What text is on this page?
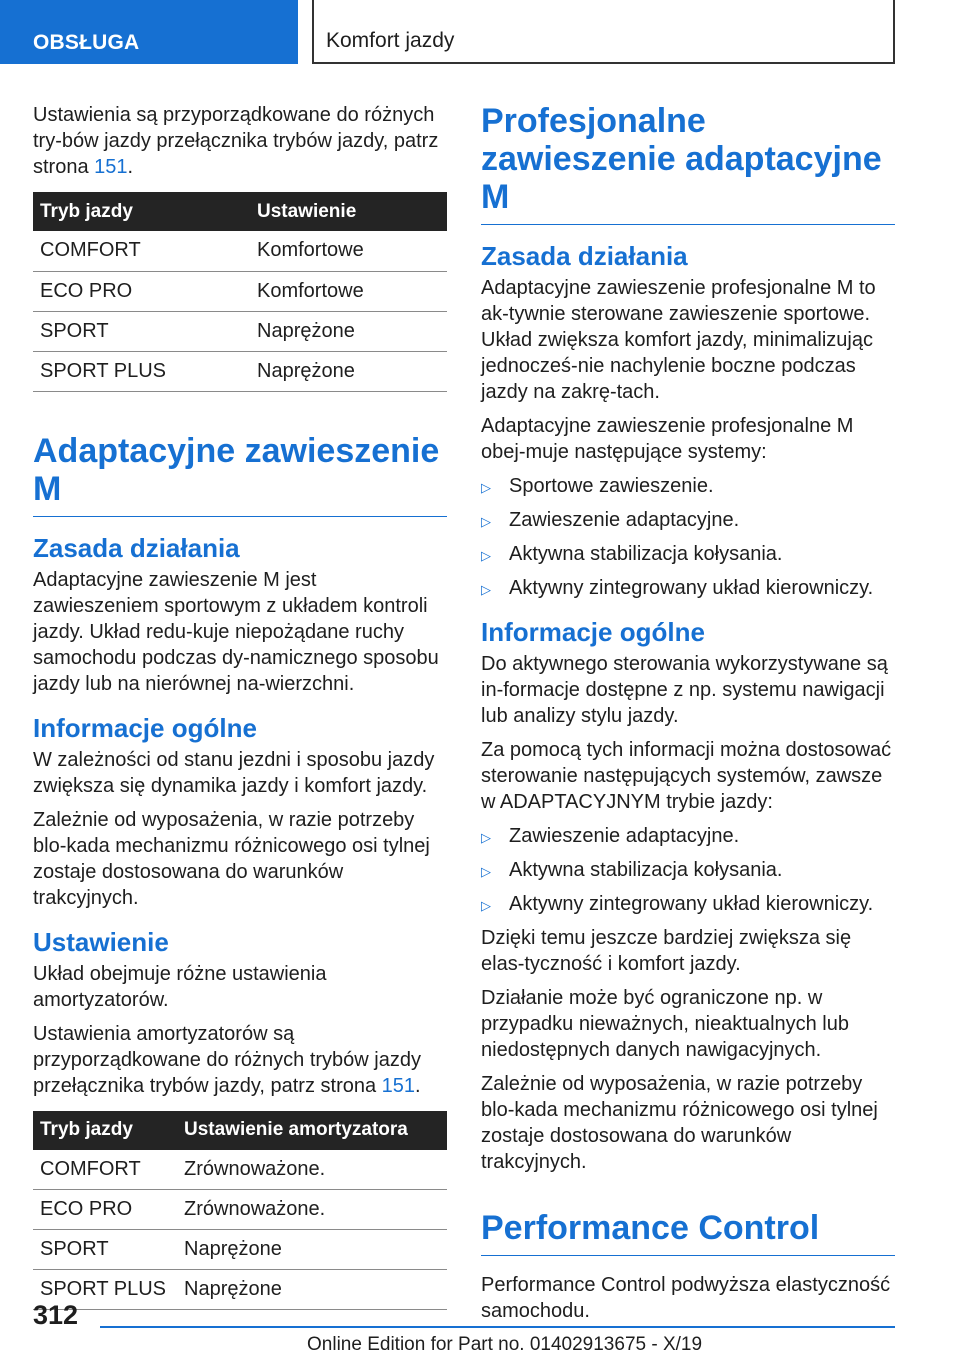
OBSŁUGA	Komfort jazdy

Ustawienia są przyporządkowane do różnych try-bów jazdy przełącznika trybów jazdy, patrz strona 151.

Tryb jazdy	Ustawienie
COMFORT	Komfortowe
ECO PRO	Komfortowe
SPORT	Naprężone
SPORT PLUS	Naprężone
Adaptacyjne zawieszenie M
Zasada działania

Adaptacyjne zawieszenie M jest zawieszeniem sportowym z układem kontroli jazdy. Układ redu-kuje niepożądane ruchy samochodu podczas dy-namicznego sposobu jazdy lub na nierównej na-wierzchni.

Informacje ogólne

W zależności od stanu jezdni i sposobu jazdy zwiększa się dynamika jazdy i komfort jazdy.

Zależnie od wyposażenia, w razie potrzeby blo-kada mechanizmu różnicowego osi tylnej zostaje dostosowana do warunków trakcyjnych.

Ustawienie

Układ obejmuje różne ustawienia amortyzatorów.

Ustawienia amortyzatorów są przyporządkowane do różnych trybów jazdy przełącznika trybów jazdy, patrz strona 151.

Tryb jazdy	Ustawienie amortyzatora
COMFORT	Zrównoważone.
ECO PRO	Zrównoważone.
SPORT	Naprężone
SPORT PLUS	Naprężone
Profesjonalne zawieszenie adaptacyjne M
Zasada działania

Adaptacyjne zawieszenie profesjonalne M to ak-tywnie sterowane zawieszenie sportowe. Układ zwiększa komfort jazdy, minimalizując jednocześ-nie nachylenie boczne podczas jazdy na zakrę-tach.

Adaptacyjne zawieszenie profesjonalne M obej-muje następujące systemy:

▷ Sportowe zawieszenie.
▷ Zawieszenie adaptacyjne.
▷ Aktywna stabilizacja kołysania.
▷ Aktywny zintegrowany układ kierowniczy.
Informacje ogólne

Do aktywnego sterowania wykorzystywane są in-formacje dostępne z np. systemu nawigacji lub analizy stylu jazdy.

Za pomocą tych informacji można dostosować sterowanie następujących systemów, zawsze w ADAPTACYJNYM trybie jazdy:

▷ Zawieszenie adaptacyjne.
▷ Aktywna stabilizacja kołysania.
▷ Aktywny zintegrowany układ kierowniczy.

Dzięki temu jeszcze bardziej zwiększa się elas-tyczność i komfort jazdy.

Działanie może być ograniczone np. w przypadku nieważnych, nieaktualnych lub niedostępnych danych nawigacyjnych.

Zależnie od wyposażenia, w razie potrzeby blo-kada mechanizmu różnicowego osi tylnej zostaje dostosowana do warunków trakcyjnych.

Performance Control

Performance Control podwyższa elastyczność samochodu.

312
Online Edition for Part no. 01402913675 - X/19
